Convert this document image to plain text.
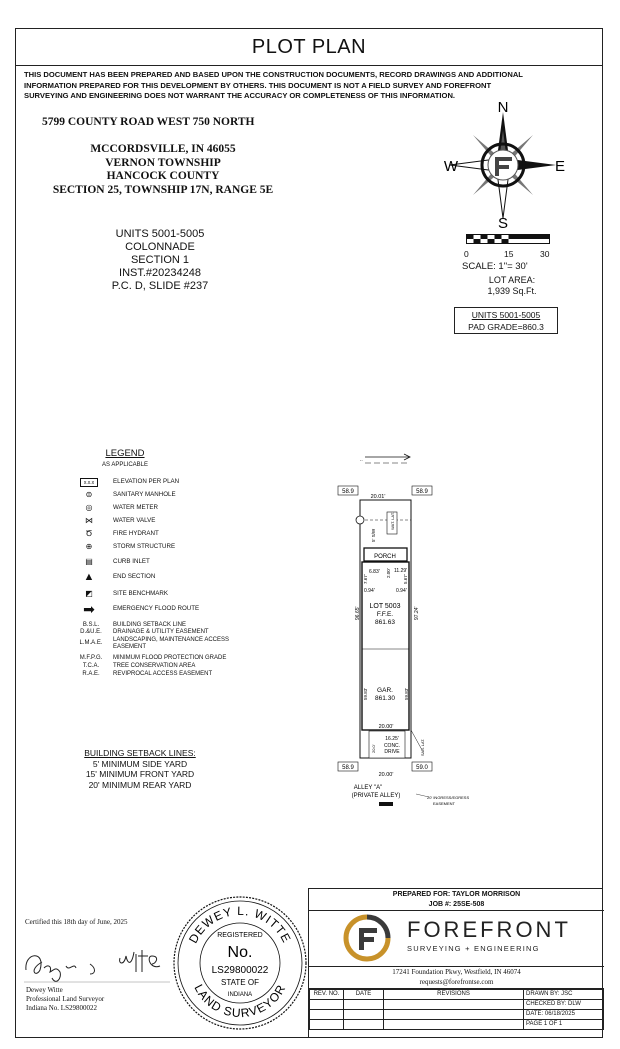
PLOT PLAN
THIS DOCUMENT HAS BEEN PREPARED AND BASED UPON THE CONSTRUCTION DOCUMENTS, RECORD DRAWINGS AND ADDITIONAL
INFORMATION PREPARED FOR THIS DEVELOPMENT BY OTHERS. THIS DOCUMENT IS NOT A FIELD SURVEY AND FOREFRONT
SURVEYING AND ENGINEERING DOES NOT WARRANT THE ACCURACY OR COMPLETENESS OF THIS INFORMATION.
5799 COUNTY ROAD WEST 750 NORTH
MCCORDSVILLE, IN 46055
VERNON TOWNSHIP
HANCOCK COUNTY
SECTION 25, TOWNSHIP 17N, RANGE 5E
UNITS 5001-5005
COLONNADE
SECTION 1
INST.#20234248
P.C. D, SLIDE #237
N
S
W	E
0	15	30
SCALE: 1"= 30'
LOT AREA:
1,939 Sq.Ft.
UNITS 5001-5005
PAD GRADE=860.3
LEGEND
AS APPLICABLE
x.x.x	ELEVATION PER PLAN
⊜	SANITARY MANHOLE
◎	WATER METER
⋈	WATER VALVE
Ծ	FIRE HYDRANT
⊕	STORM STRUCTURE
▤	CURB INLET
▲	END SECTION
◩	SITE BENCHMARK
➡	EMERGENCY FLOOD ROUTE
B.S.L.	BUILDING SETBACK LINE
D.&U.E.	DRAINAGE & UTILITY EASEMENT
L.M.A.E.	LANDSCAPING, MAINTENANCE ACCESS EASEMENT
M.F.P.G.	MINIMUM FLOOD PROTECTION GRADE
T.C.A.	TREE CONSERVATION AREA
R.A.E.	REVIPROCAL ACCESS EASEMENT
BUILDING SETBACK LINES:
5' MINIMUM SIDE YARD
15' MINIMUM FRONT YARD
20' MINIMUM REAR YARD
..
WAT. LAT.
5' S/W
58.9	58.9
58.9	59.0
20.01'
PORCH
11.29'
6.83' 2.00'
7.67'	5.67'
0.94'	0.94'
LOT 5003
F.F.E.
861.63
96.65'	97.24'
GAR.
861.30
59.83'	59.83'
20.00'
16.25'
CONC.
DRIVE
20.0'	SAN. LAT.
20.00'
ALLEY "A"
(PRIVATE ALLEY)	20' INGRESS/EGRESS
EASEMENT
Certified this 18th day of June, 2025
Dewey Witte
Professional Land Surveyor
Indiana No. LS29800022
DEWEY L. WITTE
LAND SURVEYOR
REGISTERED
No.
LS29800022
STATE OF
INDIANA
PREPARED FOR: TAYLOR MORRISON
JOB #: 25SE-508
FOREFRONT
SURVEYING + ENGINEERING
17241 Foundation Pkwy, Westfield, IN 46074
requests@forefrontse.com
REV. NO.	DATE	REVISIONS	DRAWN BY: JSC
			CHECKED BY: DLW
			DATE: 06/18/2025
			PAGE 1 OF 1
